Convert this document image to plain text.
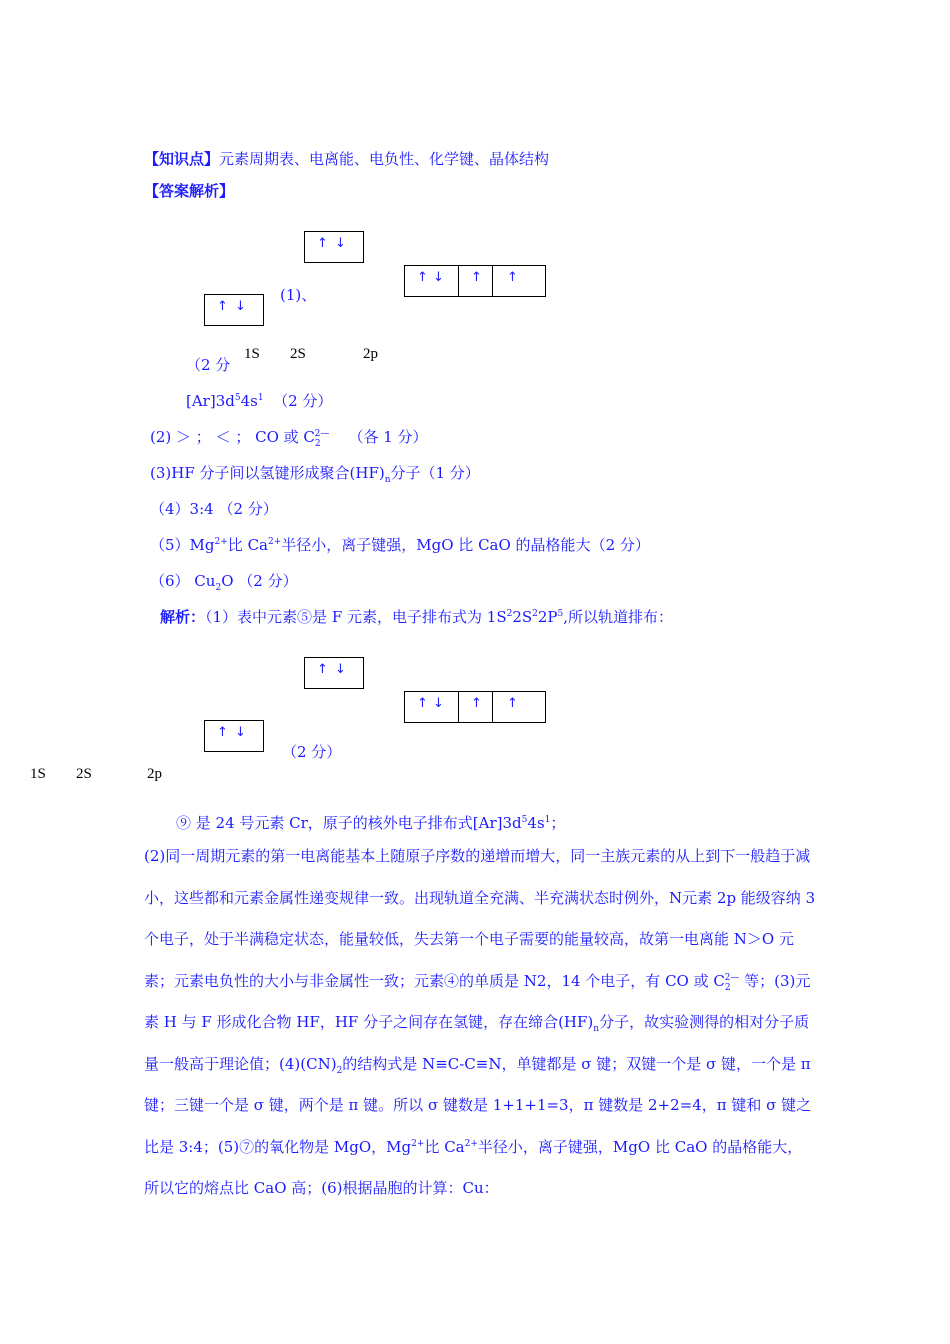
【知识点】元素周期表、电离能、电负性、化学键、晶体结构
【答案解析】
↑ ↓
↑ ↓ ↑ ↑
↑ ↓
(1)、
（2 分
1S 2S	2p
$[Ar]3d^54s^1$ （2 分）
(2) ＞ ； ＜ ； CO 或 $C_2^{2—}$ （各 1 分）
(3)HF 分子间以氢键形成聚合$(HF)_n$分子（1 分）
（4）3:4 （2 分）
$(5)Mg^{2+}$比 $Ca^{2+}$半径小，离子键强，MgO 比 CaO 的晶格能大（2 分）
（6） $Cu_2O$ （2 分）
解析：（1）表中元素⑤是 F 元素，电子排布式为 $1S^22S^22P^5$,所以轨道排布：
↑ ↓
↑ ↓ ↑ ↑
↑ ↓
（2 分）
1S 2S	2p
⑨ 是 24 号元素 Cr，原子的核外电子排布式$[Ar]3d^54s^1$；
(2)同一周期元素的第一电离能基本上随原子序数的递增而增大，同一主族元素的从上到下一般趋于减小，这些都和元素金属性递变规律一致。出现轨道全充满、半充满状态时例外，N元素 2p 能级容纳 3 个电子，处于半满稳定状态，能量较低，失去第一个电子需要的能量较高，故第一电离能 N＞O 元素；元素电负性的大小与非金属性一致；元素④的单质是 N2，14 个电子，有 CO 或 $C_2^{2—}$ 等；(3)元素 H 与 F 形成化合物 HF，HF 分子之间存在氢键，存在缔合$(HF)_n$分子，故实验测得的相对分子质量一般高于理论值；$(4)(CN)_2$的结构式是 N≡C-C≡N，单键都是 σ 键；双键一个是 σ 键，一个是 π 键；三键一个是 σ 键，两个是 π 键。所以 σ 键数是 1+1+1=3，π 键数是 2+2=4，π 键和 σ 键之比是 3:4；(5)⑦的氧化物是 MgO，$Mg^{2+}$比 $Ca^{2+}$半径小，离子键强，MgO 比 CaO 的晶格能大，所以它的熔点比 CaO 高；(6)根据晶胞的计算：Cu：
